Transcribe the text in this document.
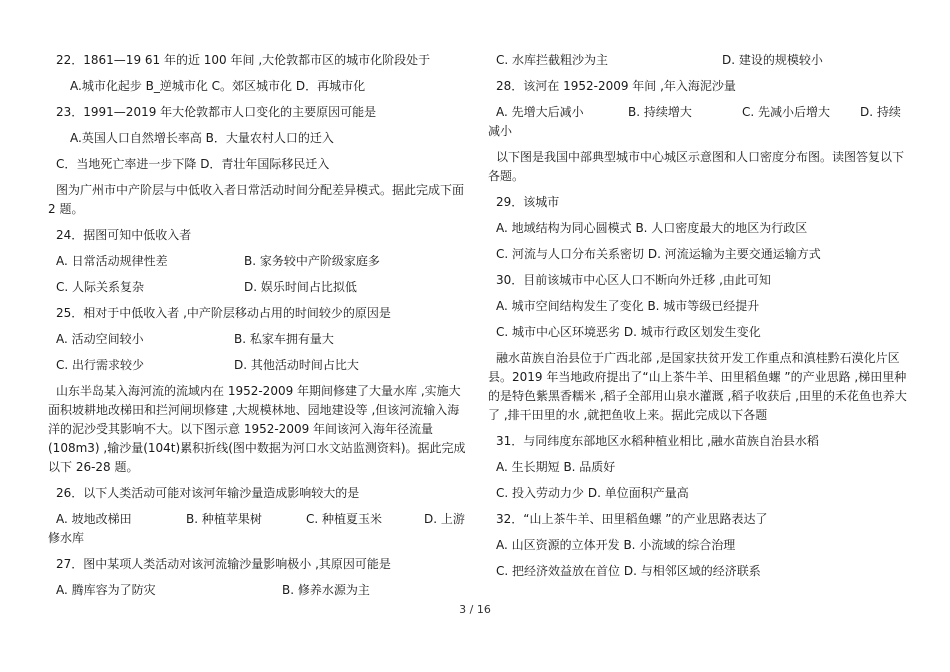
22．1861—19 61 年的近 100 年间 ,大伦敦都市区的城市化阶段处于
A.城市化起步 B_逆城市化 C。郊区城市化 D．再城市化
23．1991—2019 年大伦敦都市人口变化的主要原因可能是
A.英国人口自然增长率高 B．大量农村人口的迁入
C．当地死亡率进一步下降 D．青壮年国际移民迁入
图为广州市中产阶层与中低收入者日常活动时间分配差异模式。据此完成下面
2 题。
24．据图可知中低收入者
A. 日常活动规律性差	B. 家务较中产阶级家庭多
C. 人际关系复杂	D. 娱乐时间占比拟低
25．相对于中低收入者 ,中产阶层移动占用的时间较少的原因是
A. 活动空间较小	B. 私家车拥有量大
C. 出行需求较少	D. 其他活动时间占比大
山东半岛某入海河流的流域内在 1952-2009 年期间修建了大量水库 ,实施大
面积坡耕地改梯田和拦河闸坝修建 ,大规模林地、园地建设等 ,但该河流输入海
洋的泥沙受其影响不大。以下图示意 1952-2009 年间该河入海年径流量
(108m3) ,输沙量(104t)累积折线(图中数据为河口水文站监测资料)。据此完成
以下 26-28 题。
26．以下人类活动可能对该河年输沙量造成影响较大的是
A. 坡地改梯田	B. 种植苹果树	C. 种植夏玉米	D. 上游
修水库
27．图中某项人类活动对该河流输沙量影响极小 ,其原因可能是
A. 腾库容为了防灾	B. 修养水源为主
C. 水库拦截粗沙为主	D. 建设的规模较小
28．该河在 1952-2009 年间 ,年入海泥沙量
A. 先增大后减小	B. 持续增大	C. 先减小后增大 D. 持续
减小
以下图是我国中部典型城市中心城区示意图和人口密度分布图。读图答复以下
各题。
29．该城市
A. 地域结构为同心圆模式 B. 人口密度最大的地区为行政区
C. 河流与人口分布关系密切 D. 河流运输为主要交通运输方式
30．目前该城市中心区人口不断向外迁移 ,由此可知
A. 城市空间结构发生了变化 B. 城市等级已经提升
C. 城市中心区环境恶劣 D. 城市行政区划发生变化
融水苗族自治县位于广西北部 ,是国家扶贫开发工作重点和滇桂黔石漠化片区
县。2019 年当地政府提出了“山上茶牛羊、田里稻鱼螺 ”的产业思路 ,梯田里种
的是特色紫黑香糯米 ,稻子全部用山泉水灌溉 ,稻子收获后 ,田里的禾花鱼也养大
了 ,排干田里的水 ,就把鱼收上来。据此完成以下各题
31．与同纬度东部地区水稻种植业相比 ,融水苗族自治县水稻
A. 生长期短 B. 品质好
C. 投入劳动力少 D. 单位面积产量高
32．“山上茶牛羊、田里稻鱼螺 ”的产业思路表达了
A. 山区资源的立体开发 B. 小流域的综合治理
C. 把经济效益放在首位 D. 与相邻区域的经济联系
3 / 16
